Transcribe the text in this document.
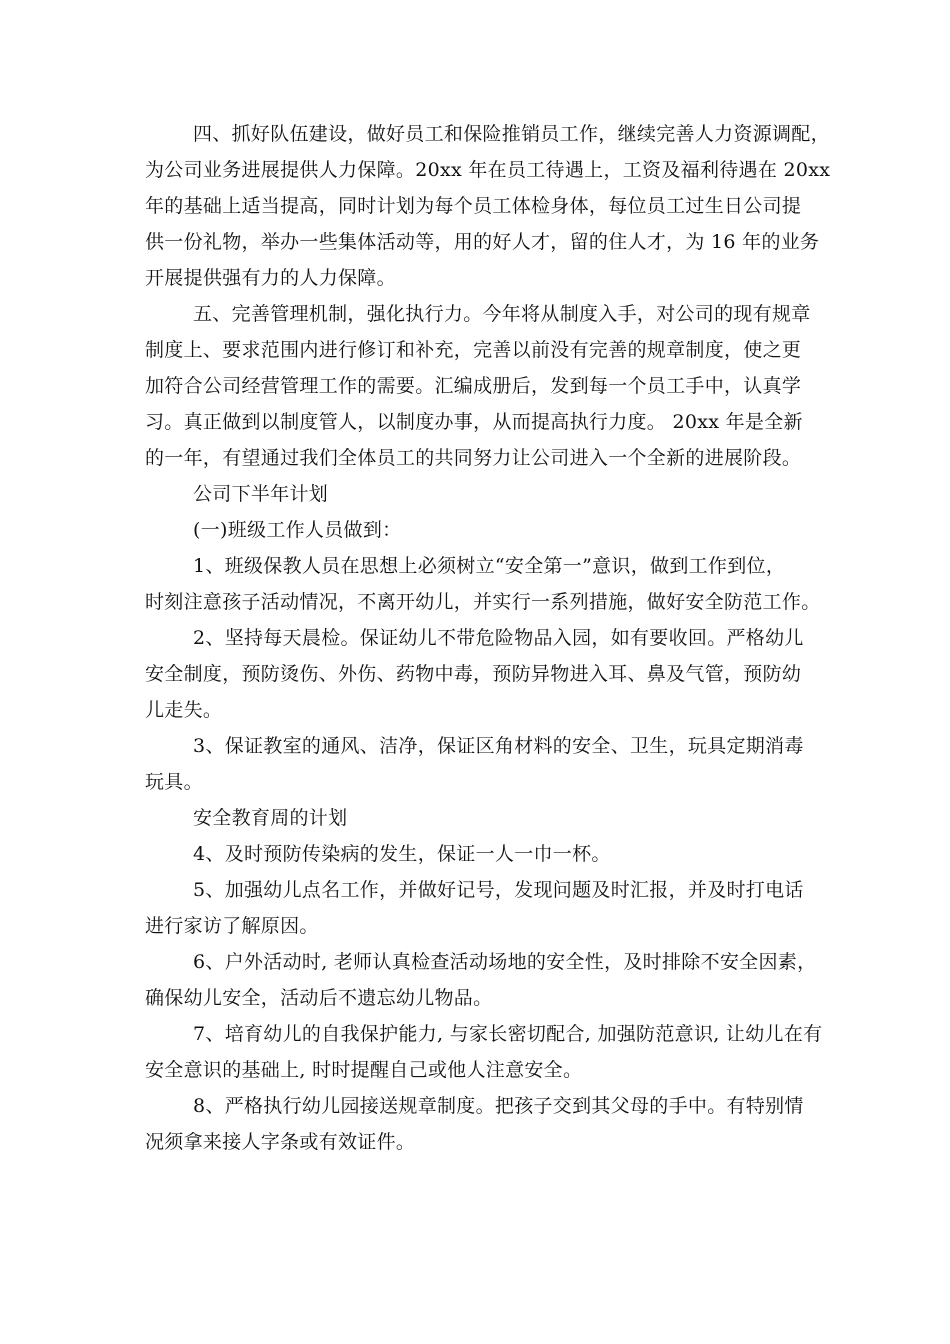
四、抓好队伍建设，做好员工和保险推销员工作，继续完善人力资源调配，
为公司业务进展提供人力保障。20xx 年在员工待遇上，工资及福利待遇在 20xx
年的基础上适当提高，同时计划为每个员工体检身体，每位员工过生日公司提
供一份礼物，举办一些集体活动等，用的好人才，留的住人才，为 16 年的业务
开展提供强有力的人力保障。
五、完善管理机制，强化执行力。今年将从制度入手，对公司的现有规章
制度上、要求范围内进行修订和补充，完善以前没有完善的规章制度，使之更
加符合公司经营管理工作的需要。汇编成册后，发到每一个员工手中，认真学
习。真正做到以制度管人，以制度办事，从而提高执行力度。 20xx 年是全新
的一年，有望通过我们全体员工的共同努力让公司进入一个全新的进展阶段。
公司下半年计划
(一)班级工作人员做到：
1、班级保教人员在思想上必须树立“安全第一”意识，做到工作到位，
时刻注意孩子活动情况，不离开幼儿，并实行一系列措施，做好安全防范工作。
2、坚持每天晨检。保证幼儿不带危险物品入园，如有要收回。严格幼儿
安全制度，预防烫伤、外伤、药物中毒，预防异物进入耳、鼻及气管，预防幼
儿走失。
3、保证教室的通风、洁净，保证区角材料的安全、卫生，玩具定期消毒
玩具。
安全教育周的计划
4、及时预防传染病的发生，保证一人一巾一杯。
5、加强幼儿点名工作，并做好记号，发现问题及时汇报，并及时打电话
进行家访了解原因。
6、户外活动时, 老师认真检查活动场地的安全性，及时排除不安全因素，
确保幼儿安全，活动后不遗忘幼儿物品。
7、培育幼儿的自我保护能力, 与家长密切配合, 加强防范意识, 让幼儿在有
安全意识的基础上, 时时提醒自己或他人注意安全。
8、严格执行幼儿园接送规章制度。把孩子交到其父母的手中。有特别情
况须拿来接人字条或有效证件。
